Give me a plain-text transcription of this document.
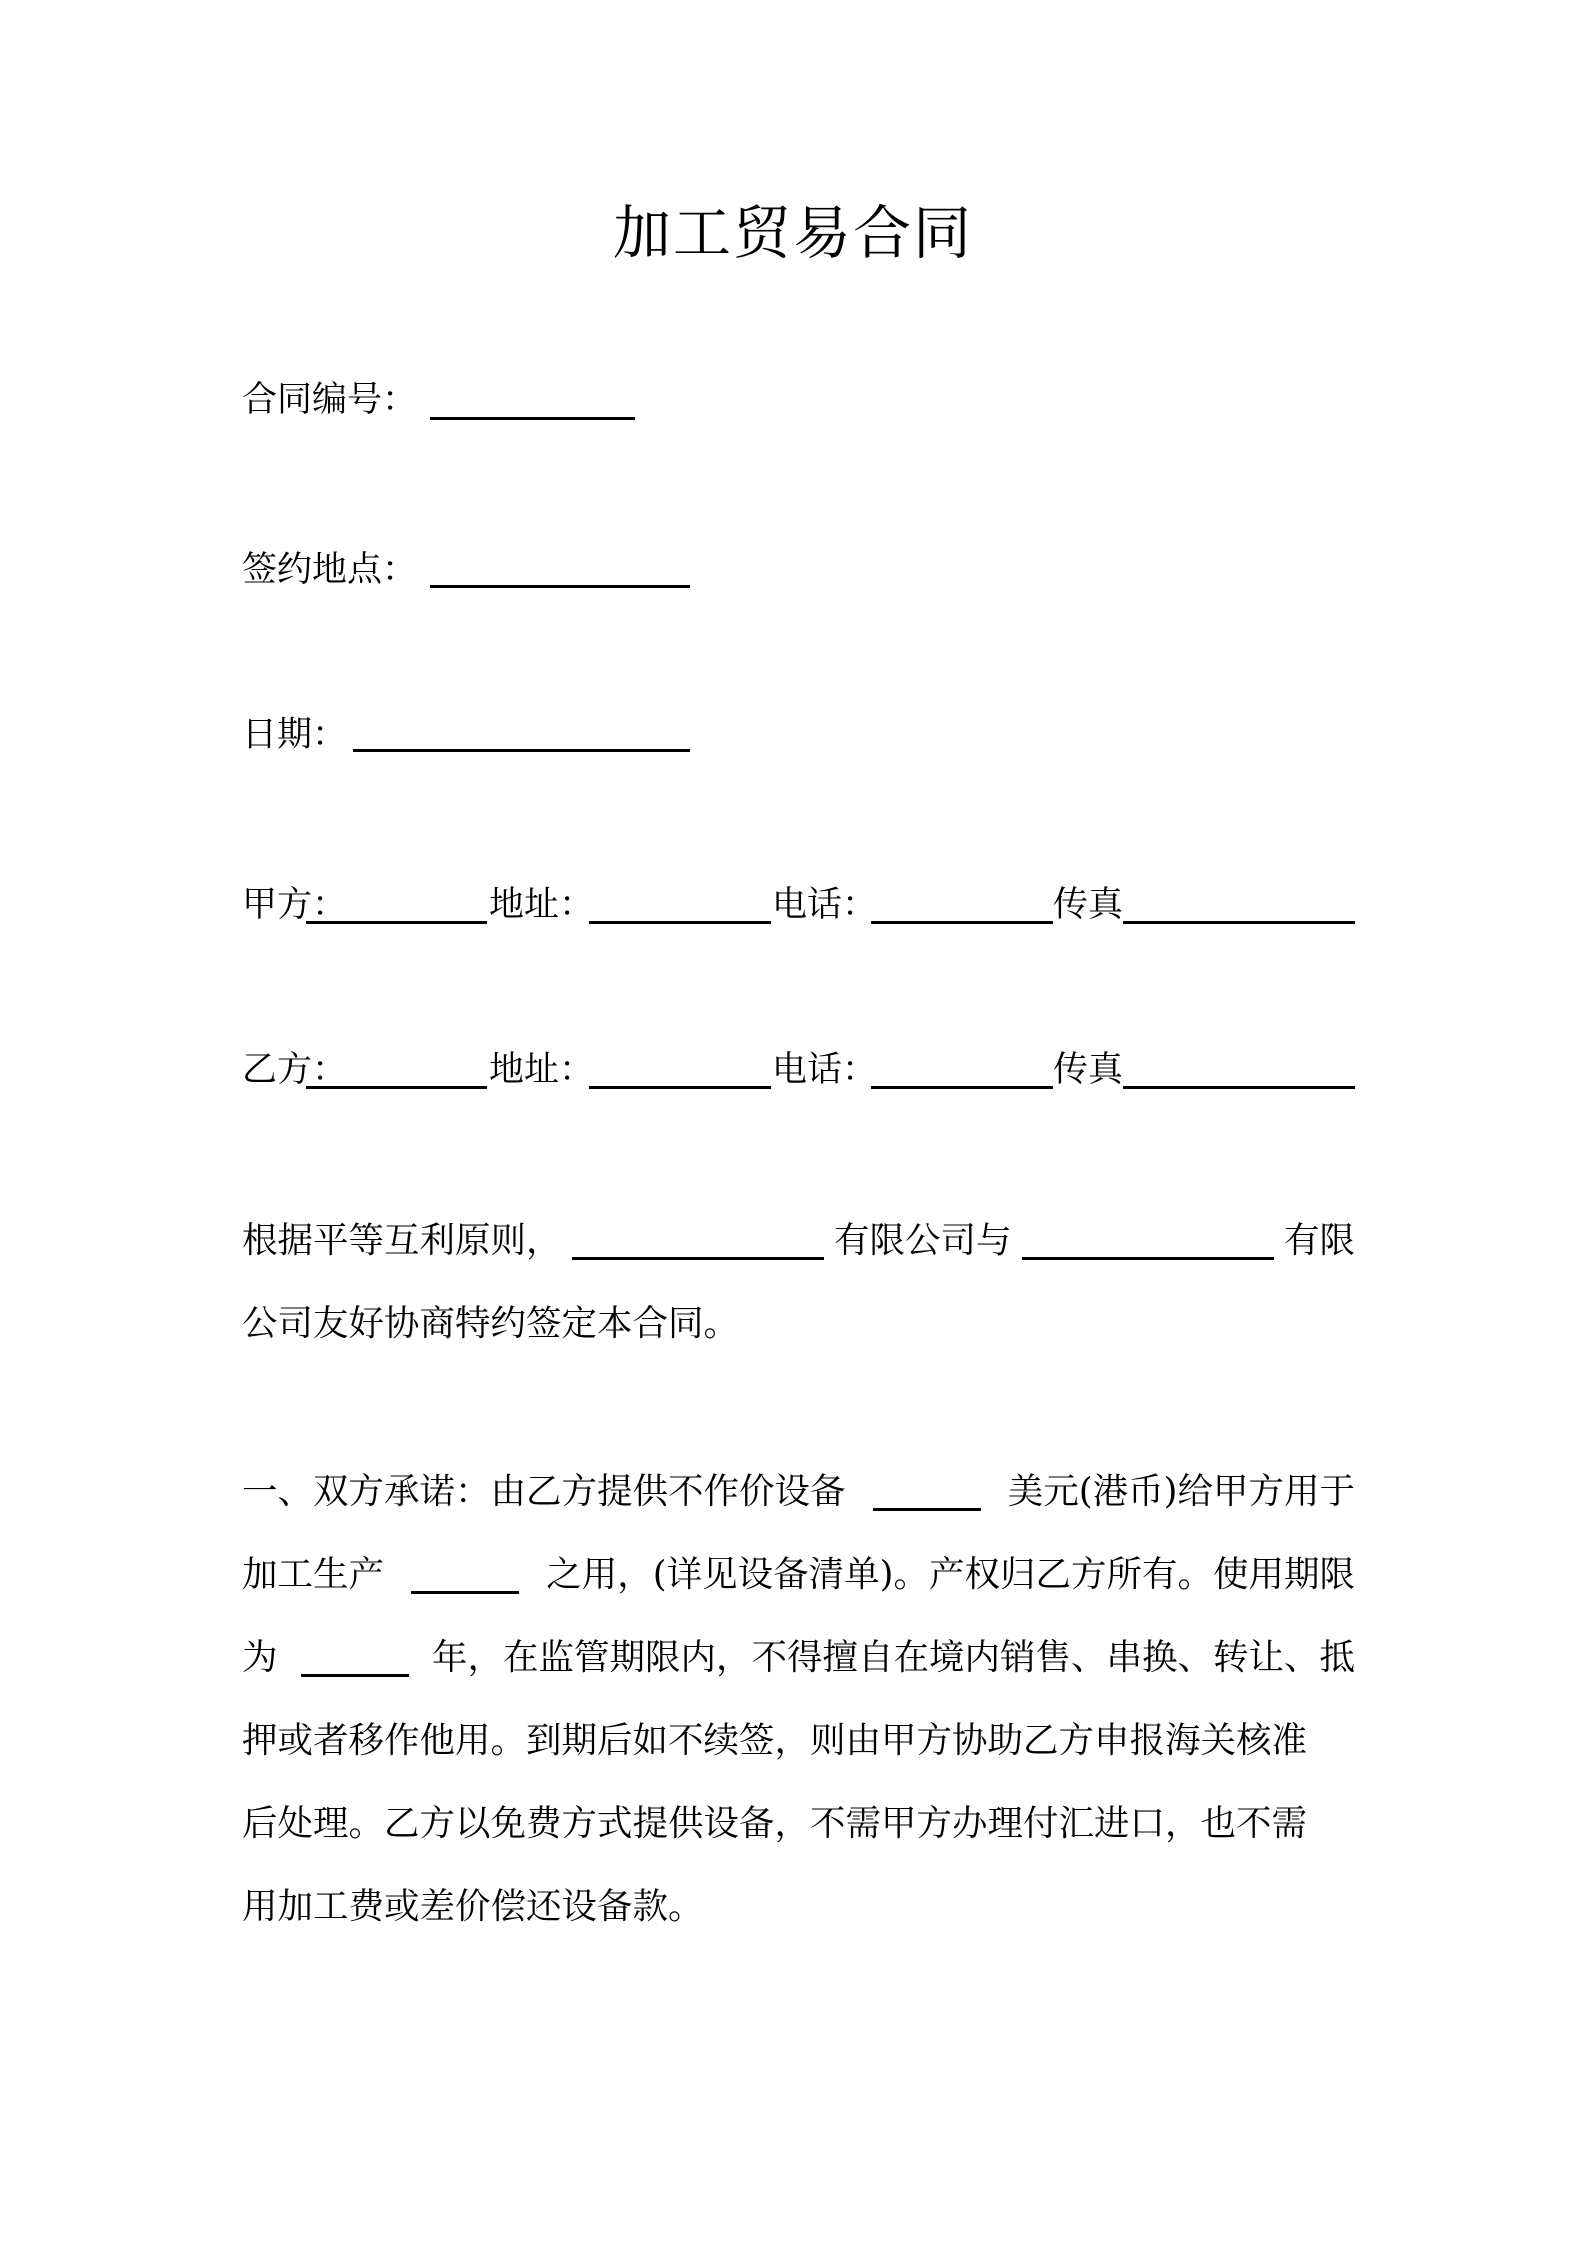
加工贸易合同
合同编号：
签约地点：
日期：
甲方：	地址：	电话：	传真
乙方：	地址：	电话：	传真
根据平等互利原则，	有限公司与	有限
公司友好协商特约签定本合同。
一、双方承诺：由乙方提供不作价设备	美元(港币)给甲方用于
加工生产	之用，(详见设备清单)。产权归乙方所有。使用期限
为	年，在监管期限内，不得擅自在境内销售、串换、转让、抵
押或者移作他用。到期后如不续签，则由甲方协助乙方申报海关核准
后处理。乙方以免费方式提供设备，不需甲方办理付汇进口，也不需
用加工费或差价偿还设备款。
